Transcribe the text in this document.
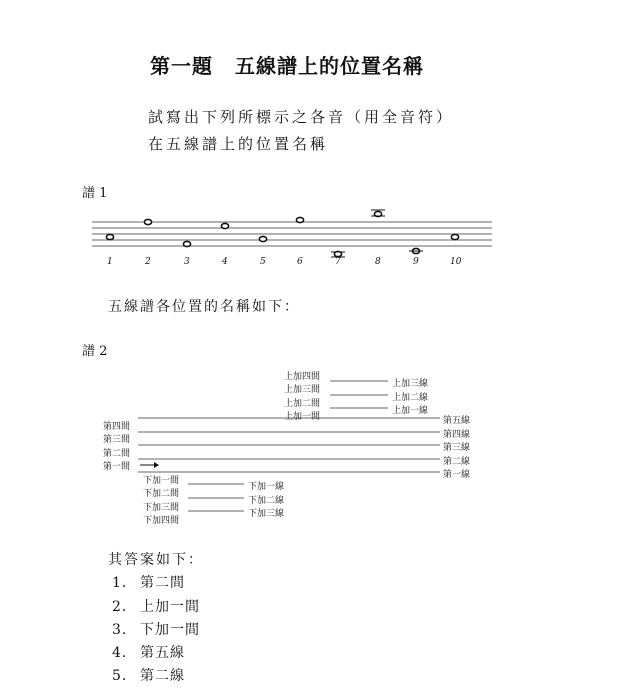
第一題 五線譜上的位置名稱
試寫出下列所標示之各音（用全音符）
在五線譜上的位置名稱
譜 1
1	2	3	4	5	6	7	8	9	10
五線譜各位置的名稱如下：
譜 2
上加四間
上加三間
上加二間
上加一間
上加三線
上加二線
上加一線
第四間
第三間
第二間
第一間
第五線
第四線
第三線
第二線
第一線
下加一間
下加二間
下加三間
下加四間
下加一線
下加二線
下加三線
其答案如下：
1. 第二間
2. 上加一間
3. 下加一間
4. 第五線
5. 第二線
